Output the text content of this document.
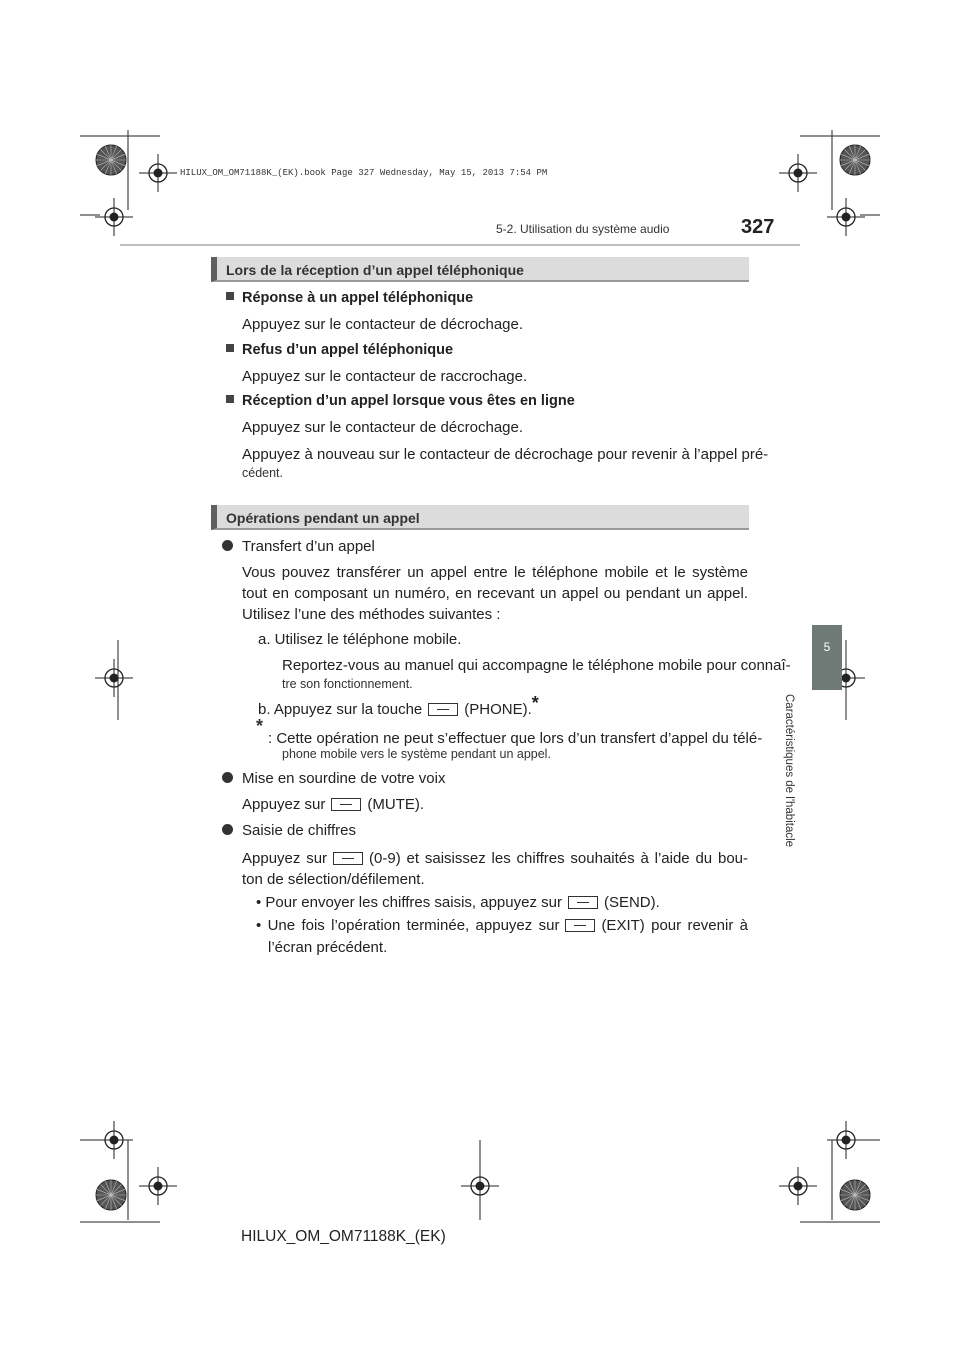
HILUX_OM_OM71188K_(EK).book Page 327 Wednesday, May 15, 2013 7:54 PM
5-2. Utilisation du système audio	327
5
Caractéristiques de l'habitacle
Lors de la réception d’un appel téléphonique
Réponse à un appel téléphonique
Appuyez sur le contacteur de décrochage.
Refus d’un appel téléphonique
Appuyez sur le contacteur de raccrochage.
Réception d’un appel lorsque vous êtes en ligne
Appuyez sur le contacteur de décrochage.
Appuyez à nouveau sur le contacteur de décrochage pour revenir à l’appel pré-
cédent.
Opérations pendant un appel
Transfert d’un appel
Vous pouvez transférer un appel entre le téléphone mobile et le système
tout en composant un numéro, en recevant un appel ou pendant un appel.
Utilisez l’une des méthodes suivantes :
a. Utilisez le téléphone mobile.
Reportez-vous au manuel qui accompagne le téléphone mobile pour connaî-
tre son fonctionnement.
b. Appuyez sur la touche	(PHONE).*
*
: Cette opération ne peut s’effectuer que lors d’un transfert d’appel du télé-
phone mobile vers le système pendant un appel.
Mise en sourdine de votre voix
Appuyez sur	(MUTE).
Saisie de chiffres
Appuyez sur	(0-9) et saisissez les chiffres souhaités à l’aide du bou-
ton de sélection/défilement.
• Pour envoyer les chiffres saisis, appuyez sur	(SEND).
• Une fois l’opération terminée, appuyez sur	(EXIT) pour revenir à
l’écran précédent.
HILUX_OM_OM71188K_(EK)
